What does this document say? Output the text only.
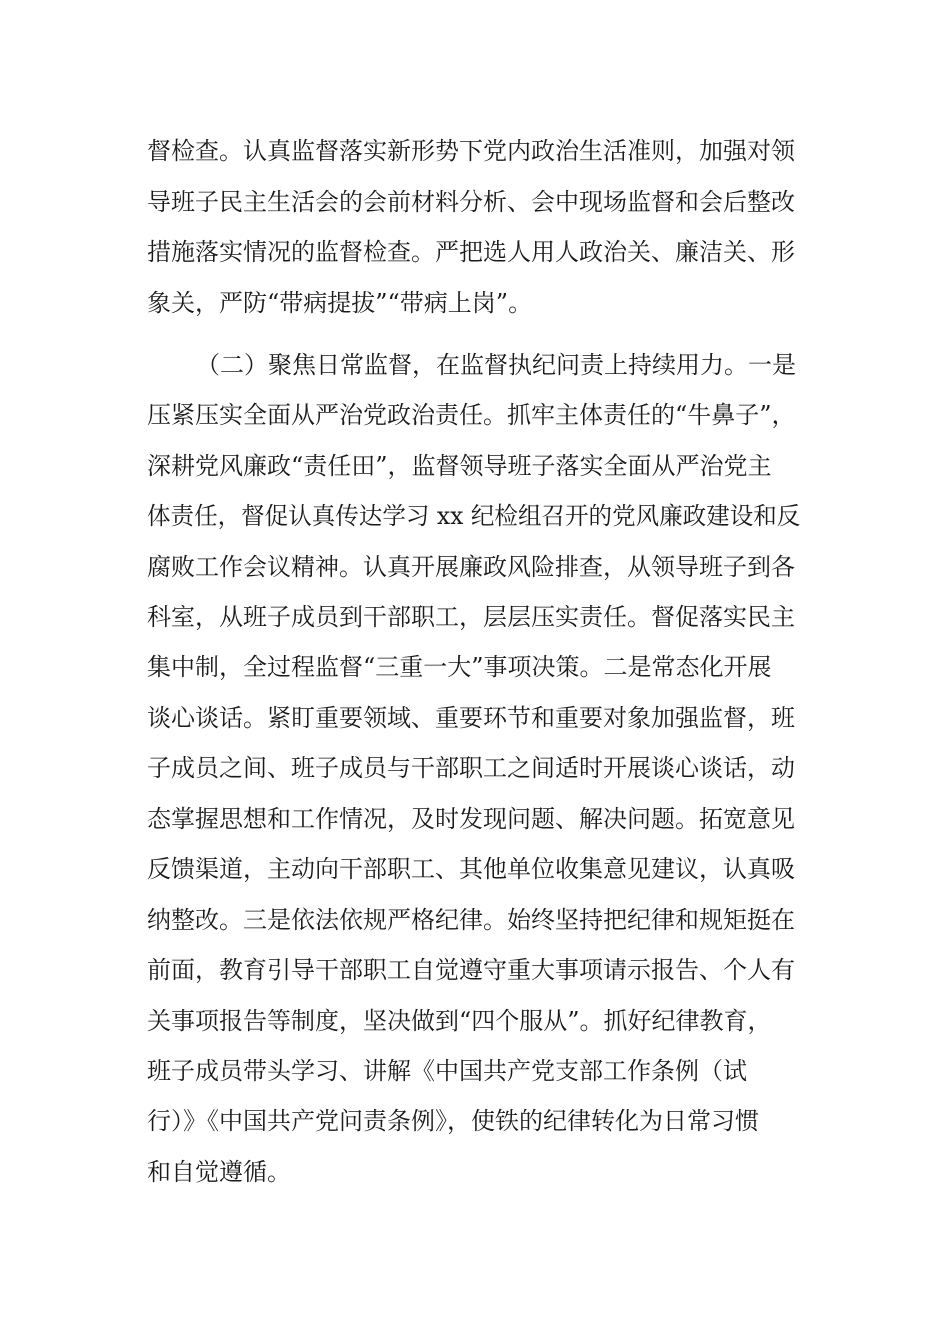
督检查。认真监督落实新形势下党内政治生活准则，加强对领

导班子民主生活会的会前材料分析、会中现场监督和会后整改

措施落实情况的监督检查。严把选人用人政治关、廉洁关、形

象关，严防“带病提拔”“带病上岗”。

（二）聚焦日常监督，在监督执纪问责上持续用力。一是

压紧压实全面从严治党政治责任。抓牢主体责任的“牛鼻子”，

深耕党风廉政“责任田”，监督领导班子落实全面从严治党主

体责任，督促认真传达学习 xx 纪检组召开的党风廉政建设和反

腐败工作会议精神。认真开展廉政风险排查，从领导班子到各

科室，从班子成员到干部职工，层层压实责任。督促落实民主

集中制，全过程监督“三重一大”事项决策。二是常态化开展

谈心谈话。紧盯重要领域、重要环节和重要对象加强监督，班

子成员之间、班子成员与干部职工之间适时开展谈心谈话，动

态掌握思想和工作情况，及时发现问题、解决问题。拓宽意见

反馈渠道，主动向干部职工、其他单位收集意见建议，认真吸

纳整改。三是依法依规严格纪律。始终坚持把纪律和规矩挺在

前面，教育引导干部职工自觉遵守重大事项请示报告、个人有

关事项报告等制度，坚决做到“四个服从”。抓好纪律教育，

班子成员带头学习、讲解《中国共产党支部工作条例（试

行）》《中国共产党问责条例》，使铁的纪律转化为日常习惯

和自觉遵循。
